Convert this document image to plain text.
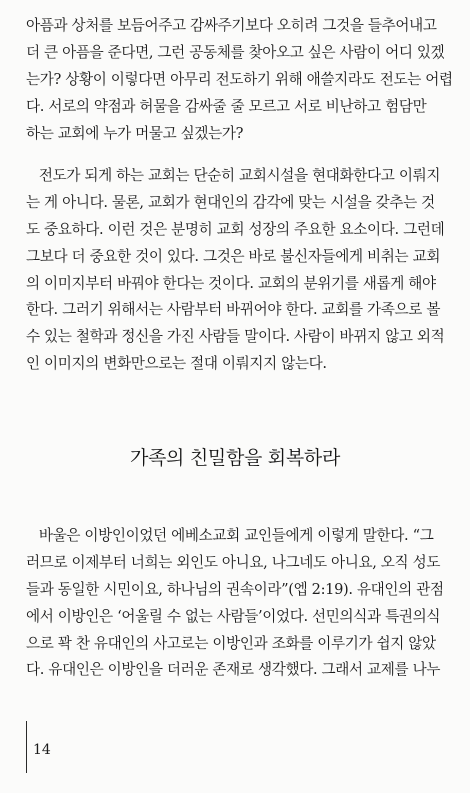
아픔과 상처를 보듬어주고 감싸주기보다 오히려 그것을 들추어내고
더 큰 아픔을 준다면, 그런 공동체를 찾아오고 싶은 사람이 어디 있겠
는가? 상황이 이렇다면 아무리 전도하기 위해 애쓸지라도 전도는 어렵
다. 서로의 약점과 허물을 감싸줄 줄 모르고 서로 비난하고 험담만
하는 교회에 누가 머물고 싶겠는가?
전도가 되게 하는 교회는 단순히 교회시설을 현대화한다고 이뤄지
는 게 아니다. 물론, 교회가 현대인의 감각에 맞는 시설을 갖추는 것
도 중요하다. 이런 것은 분명히 교회 성장의 주요한 요소이다. 그런데
그보다 더 중요한 것이 있다. 그것은 바로 불신자들에게 비취는 교회
의 이미지부터 바꿔야 한다는 것이다. 교회의 분위기를 새롭게 해야
한다. 그러기 위해서는 사람부터 바뀌어야 한다. 교회를 가족으로 볼
수 있는 철학과 정신을 가진 사람들 말이다. 사람이 바뀌지 않고 외적
인 이미지의 변화만으로는 절대 이뤄지지 않는다.
가족의 친밀함을 회복하라
바울은 이방인이었던 에베소교회 교인들에게 이렇게 말한다. “그
러므로 이제부터 너희는 외인도 아니요, 나그네도 아니요, 오직 성도
들과 동일한 시민이요, 하나님의 권속이라”(엡 2:19). 유대인의 관점
에서 이방인은 ‘어울릴 수 없는 사람들’이었다. 선민의식과 특권의식
으로 꽉 찬 유대인의 사고로는 이방인과 조화를 이루기가 쉽지 않았
다. 유대인은 이방인을 더러운 존재로 생각했다. 그래서 교제를 나누
14
